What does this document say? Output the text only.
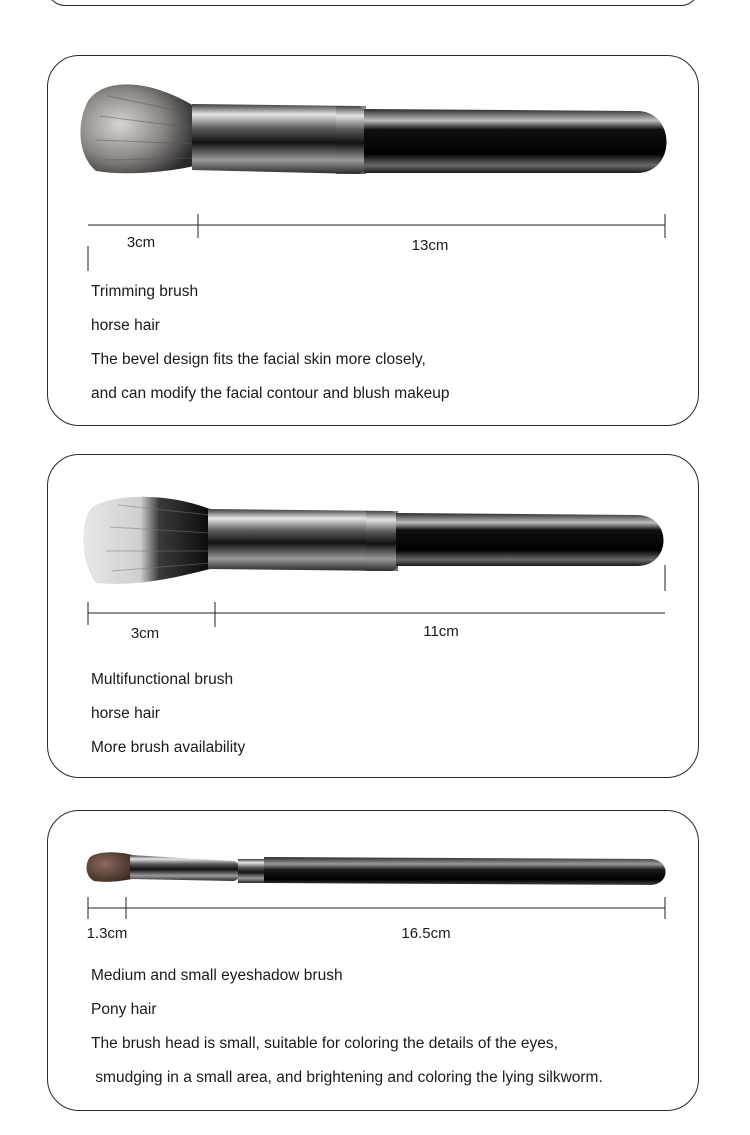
3cm	13cm
Trimming brush
horse hair
The bevel design fits the facial skin more closely,
and can modify the facial contour and blush makeup
3cm	11cm
Multifunctional brush
horse hair
More brush availability
1.3cm	16.5cm
Medium and small eyeshadow brush
Pony hair
The brush head is small, suitable for coloring the details of the eyes,
smudging in a small area, and brightening and coloring the lying silkworm.
